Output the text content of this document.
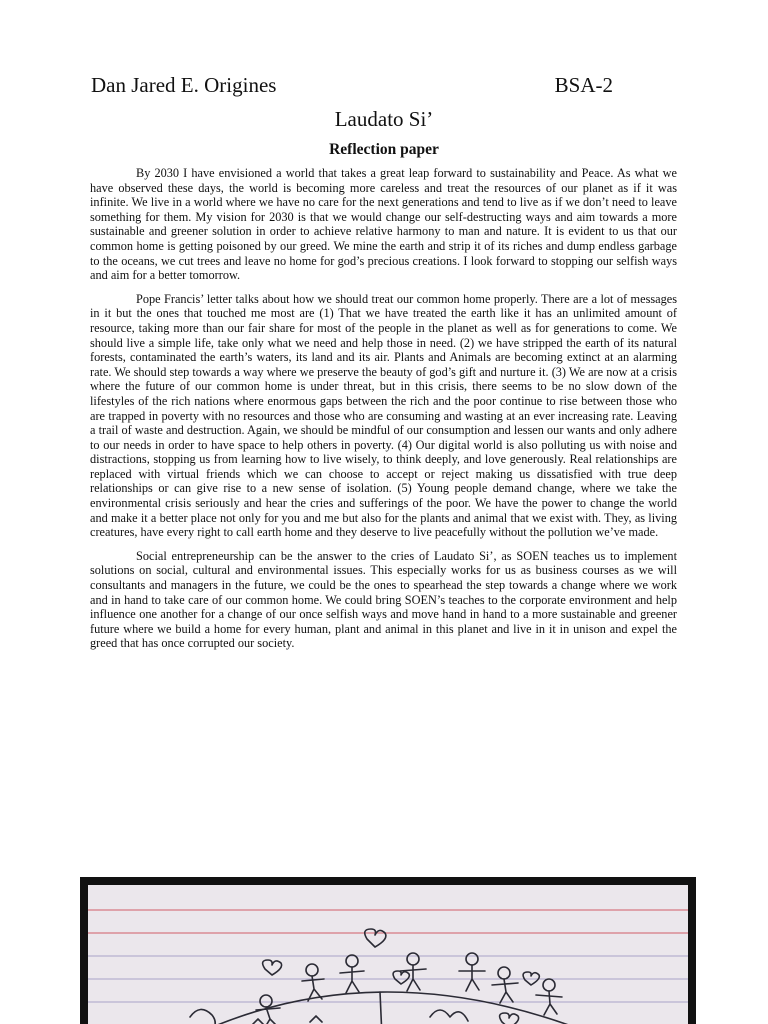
Dan Jared E. Origines	BSA-2
Laudato Si’
Reflection paper

By 2030 I have envisioned a world that takes a great leap forward to sustainability and Peace. As what we have observed these days, the world is becoming more careless and treat the resources of our planet as if it was infinite. We live in a world where we have no care for the next generations and tend to live as if we don’t need to leave something for them. My vision for 2030 is that we would change our self-destructing ways and aim towards a more sustainable and greener solution in order to achieve relative harmony to man and nature. It is evident to us that our common home is getting poisoned by our greed. We mine the earth and strip it of its riches and dump endless garbage to the oceans, we cut trees and leave no home for god’s precious creations. I look forward to stopping our selfish ways and aim for a better tomorrow.

Pope Francis’ letter talks about how we should treat our common home properly. There are a lot of messages in it but the ones that touched me most are (1) That we have treated the earth like it has an unlimited amount of resource, taking more than our fair share for most of the people in the planet as well as for generations to come. We should live a simple life, take only what we need and help those in need. (2) we have stripped the earth of its natural forests, contaminated the earth’s waters, its land and its air. Plants and Animals are becoming extinct at an alarming rate. We should step towards a way where we preserve the beauty of god’s gift and nurture it. (3) We are now at a crisis where the future of our common home is under threat, but in this crisis, there seems to be no slow down of the lifestyles of the rich nations where enormous gaps between the rich and the poor continue to rise between those who are trapped in poverty with no resources and those who are consuming and wasting at an ever increasing rate. Leaving a trail of waste and destruction. Again, we should be mindful of our consumption and lessen our wants and only adhere to our needs in order to have space to help others in poverty. (4) Our digital world is also polluting us with noise and distractions, stopping us from learning how to live wisely, to think deeply, and love generously. Real relationships are replaced with virtual friends which we can choose to accept or reject making us dissatisfied with true deep relationships or can give rise to a new sense of isolation. (5) Young people demand change, where we take the environmental crisis seriously and hear the cries and sufferings of the poor. We have the power to change the world and make it a better place not only for you and me but also for the plants and animal that we exist with. They, as living creatures, have every right to call earth home and they deserve to live peacefully without the pollution we’ve made.

Social entrepreneurship can be the answer to the cries of Laudato Si’, as SOEN teaches us to implement solutions on social, cultural and environmental issues. This especially works for us as business courses as we will consultants and managers in the future, we could be the ones to spearhead the step towards a change where we work and in hand to take care of our common home. We could bring SOEN’s teaches to the corporate environment and help influence one another for a change of our once selfish ways and move hand in hand to a more sustainable and greener future where we build a home for every human, plant and animal in this planet and live in it in unison and expel the greed that has once corrupted our society.
